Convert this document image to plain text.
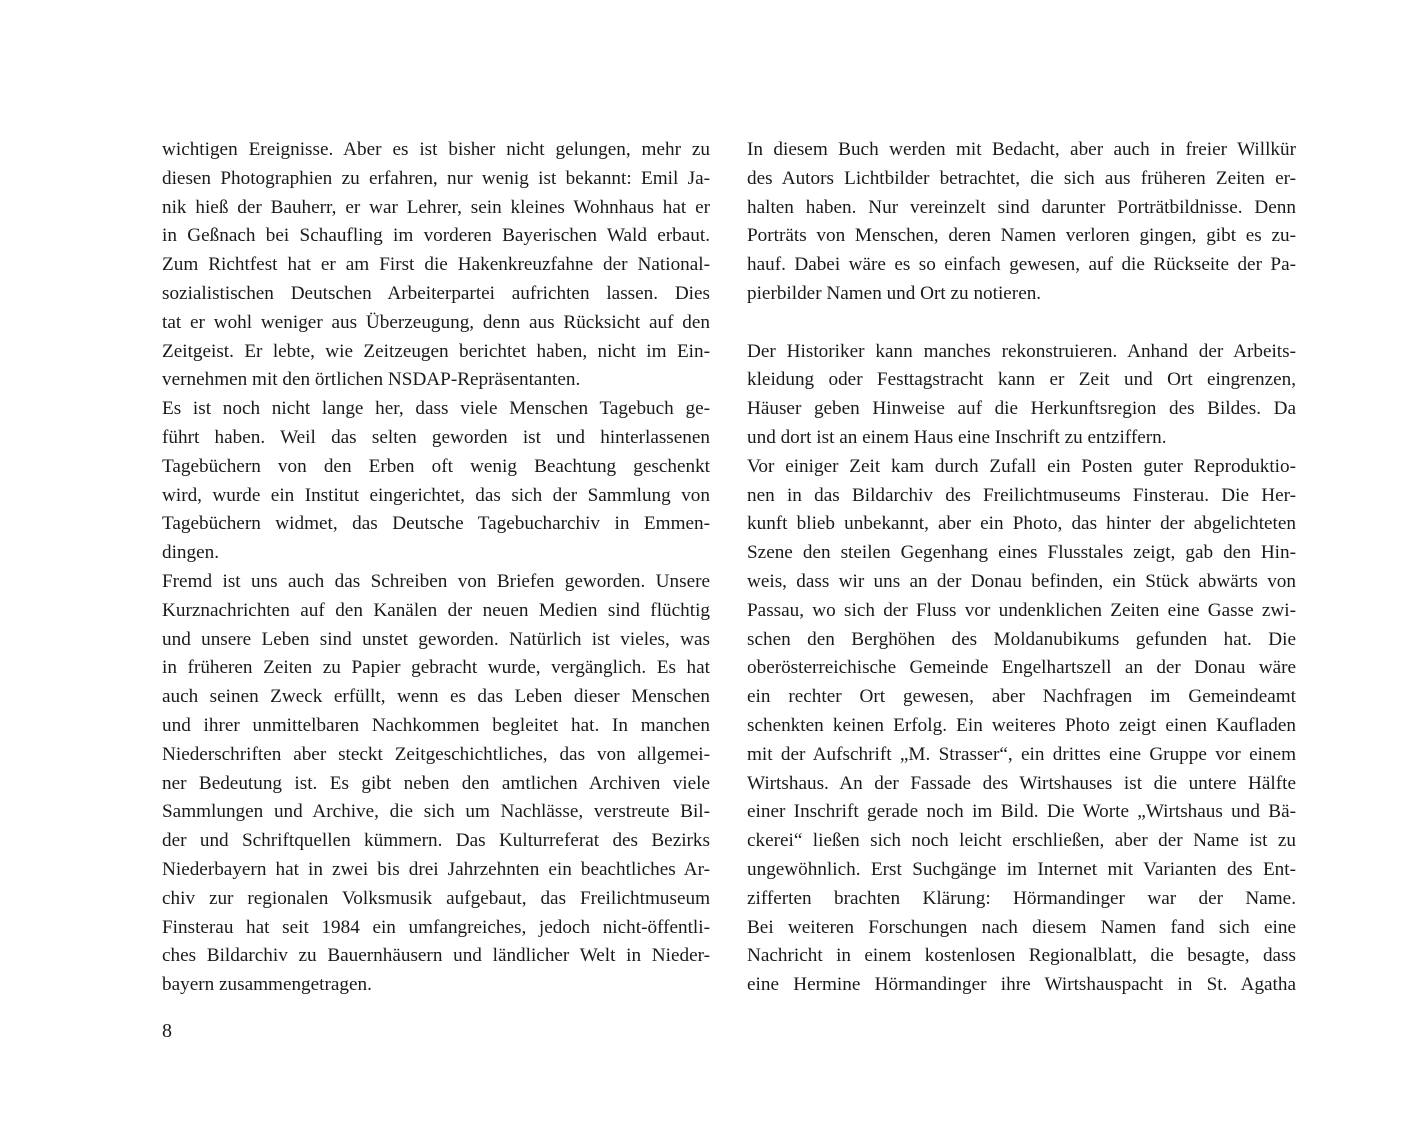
wichtigen Ereignisse. Aber es ist bisher nicht gelungen, mehr zu
diesen Photographien zu erfahren, nur wenig ist bekannt: Emil Ja-
nik hieß der Bauherr, er war Lehrer, sein kleines Wohnhaus hat er
in Geßnach bei Schaufling im vorderen Bayerischen Wald erbaut.
Zum Richtfest hat er am First die Hakenkreuzfahne der National-
sozialistischen Deutschen Arbeiterpartei aufrichten lassen. Dies
tat er wohl weniger aus Überzeugung, denn aus Rücksicht auf den
Zeitgeist. Er lebte, wie Zeitzeugen berichtet haben, nicht im Ein-
vernehmen mit den örtlichen NSDAP-Repräsentanten.
Es ist noch nicht lange her, dass viele Menschen Tagebuch ge-
führt haben. Weil das selten geworden ist und hinterlassenen
Tagebüchern von den Erben oft wenig Beachtung geschenkt
wird, wurde ein Institut eingerichtet, das sich der Sammlung von
Tagebüchern widmet, das Deutsche Tagebucharchiv in Emmen-
dingen.
Fremd ist uns auch das Schreiben von Briefen geworden. Unsere
Kurznachrichten auf den Kanälen der neuen Medien sind flüchtig
und unsere Leben sind unstet geworden. Natürlich ist vieles, was
in früheren Zeiten zu Papier gebracht wurde, vergänglich. Es hat
auch seinen Zweck erfüllt, wenn es das Leben dieser Menschen
und ihrer unmittelbaren Nachkommen begleitet hat. In manchen
Niederschriften aber steckt Zeitgeschichtliches, das von allgemei-
ner Bedeutung ist. Es gibt neben den amtlichen Archiven viele
Sammlungen und Archive, die sich um Nachlässe, verstreute Bil-
der und Schriftquellen kümmern. Das Kulturreferat des Bezirks
Niederbayern hat in zwei bis drei Jahrzehnten ein beachtliches Ar-
chiv zur regionalen Volksmusik aufgebaut, das Freilichtmuseum
Finsterau hat seit 1984 ein umfangreiches, jedoch nicht-öffentli-
ches Bildarchiv zu Bauernhäusern und ländlicher Welt in Nieder-
bayern zusammengetragen.
In diesem Buch werden mit Bedacht, aber auch in freier Willkür
des Autors Lichtbilder betrachtet, die sich aus früheren Zeiten er-
halten haben. Nur vereinzelt sind darunter Porträtbildnisse. Denn
Porträts von Menschen, deren Namen verloren gingen, gibt es zu-
hauf. Dabei wäre es so einfach gewesen, auf die Rückseite der Pa-
pierbilder Namen und Ort zu notieren.
Der Historiker kann manches rekonstruieren. Anhand der Arbeits-
kleidung oder Festtagstracht kann er Zeit und Ort eingrenzen,
Häuser geben Hinweise auf die Herkunftsregion des Bildes. Da
und dort ist an einem Haus eine Inschrift zu entziffern.
Vor einiger Zeit kam durch Zufall ein Posten guter Reproduktio-
nen in das Bildarchiv des Freilichtmuseums Finsterau. Die Her-
kunft blieb unbekannt, aber ein Photo, das hinter der abgelichteten
Szene den steilen Gegenhang eines Flusstales zeigt, gab den Hin-
weis, dass wir uns an der Donau befinden, ein Stück abwärts von
Passau, wo sich der Fluss vor undenklichen Zeiten eine Gasse zwi-
schen den Berghöhen des Moldanubikums gefunden hat. Die
oberösterreichische Gemeinde Engelhartszell an der Donau wäre
ein rechter Ort gewesen, aber Nachfragen im Gemeindeamt
schenkten keinen Erfolg. Ein weiteres Photo zeigt einen Kaufladen
mit der Aufschrift „M. Strasser“, ein drittes eine Gruppe vor einem
Wirtshaus. An der Fassade des Wirtshauses ist die untere Hälfte
einer Inschrift gerade noch im Bild. Die Worte „Wirtshaus und Bä-
ckerei“ ließen sich noch leicht erschließen, aber der Name ist zu
ungewöhnlich. Erst Suchgänge im Internet mit Varianten des Ent-
zifferten brachten Klärung: Hörmandinger war der Name.
Bei weiteren Forschungen nach diesem Namen fand sich eine
Nachricht in einem kostenlosen Regionalblatt, die besagte, dass
eine Hermine Hörmandinger ihre Wirtshauspacht in St. Agatha
8
